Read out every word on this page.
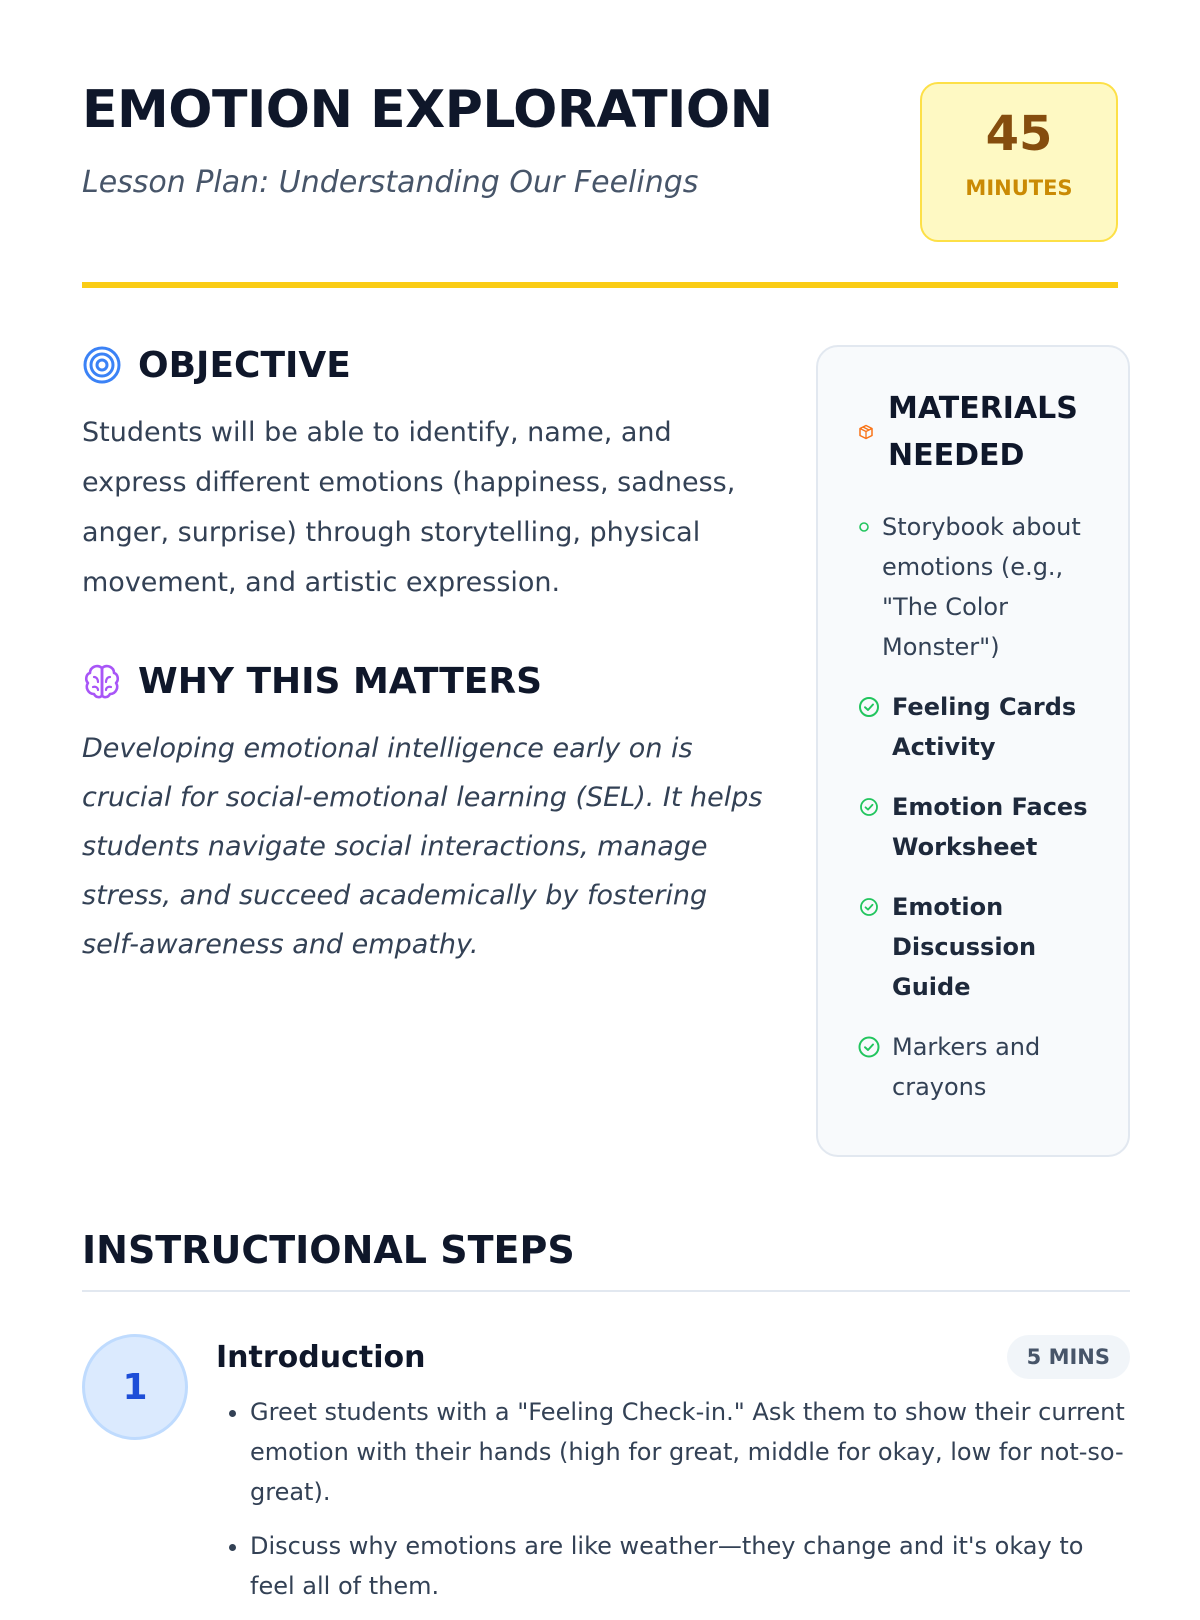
EMOTION EXPLORATION
Lesson Plan: Understanding Our Feelings
45
MINUTES
OBJECTIVE

Students will be able to identify, name, and express different emotions (happiness, sadness, anger, surprise) through storytelling, physical movement, and artistic expression.

WHY THIS MATTERS

Developing emotional intelligence early on is crucial for social-emotional learning (SEL). It helps students navigate social interactions, manage stress, and succeed academically by fostering self-awareness and empathy.

MATERIALS NEEDED
Storybook about emotions (e.g., "The Color Monster")
Feeling Cards Activity
Emotion Faces Worksheet
Emotion Discussion Guide
Markers and crayons
INSTRUCTIONAL STEPS
1
Introduction	5 MINS
• Greet students with a "Feeling Check-in." Ask them to show their current emotion with their hands (high for great, middle for okay, low for not-so-great).
• Discuss why emotions are like weather—they change and it's okay to feel all of them.
